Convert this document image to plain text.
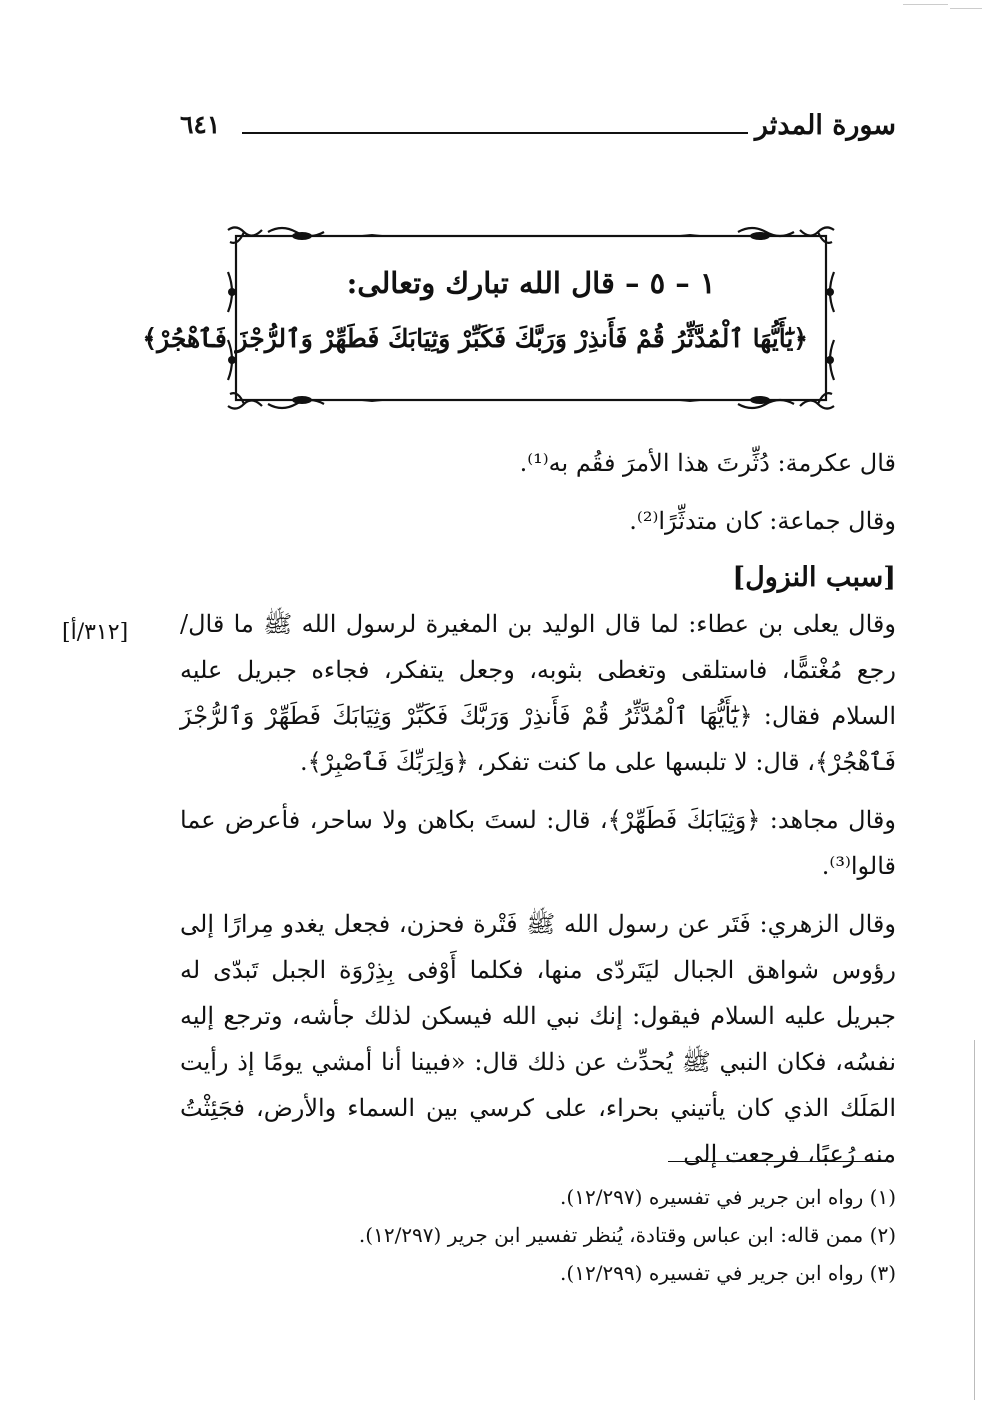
سورة المدثر
٦٤١
١ – ٥ – قال الله تبارك وتعالى:
﴿يَٰٓأَيُّهَا ٱلْمُدَّثِّرُ قُمْ فَأَنذِرْ وَرَبَّكَ فَكَبِّرْ وَثِيَابَكَ فَطَهِّرْ وَٱلرُّجْزَ فَٱهْجُرْ﴾
[٣١٢/أ]

قال عكرمة: دُثِّرتَ هذا الأمرَ فقُم به⁽¹⁾.

وقال جماعة: كان متدثِّرًا⁽²⁾.

[سبب النزول]

وقال يعلى بن عطاء: لما قال الوليد بن المغيرة لرسول الله ﷺ ما قال/ رجع مُغْتمًّا، فاستلقى وتغطى بثوبه، وجعل يتفكر، فجاءه جبريل عليه السلام فقال: ﴿يَٰٓأَيُّهَا ٱلْمُدَّثِّرُ قُمْ فَأَنذِرْ وَرَبَّكَ فَكَبِّرْ وَثِيَابَكَ فَطَهِّرْ وَٱلرُّجْزَ فَٱهْجُرْ﴾، قال: لا تلبسها على ما كنت تفكر، ﴿وَلِرَبِّكَ فَٱصْبِرْ﴾.

وقال مجاهد: ﴿وَثِيَابَكَ فَطَهِّرْ﴾، قال: لستَ بكاهن ولا ساحر، فأعرض عما قالوا⁽³⁾.

وقال الزهري: فَتَر عن رسول الله ﷺ فَتْرة فحزن، فجعل يغدو مِرارًا إلى رؤوس شواهق الجبال ليَتَردّى منها، فكلما أَوْفى بِذِرْوَة الجبل تَبدّى له جبريل عليه السلام فيقول: إنك نبي الله فيسكن لذلك جأشه، وترجع إليه نفسُه، فكان النبي ﷺ يُحدِّث عن ذلك قال: «فبينا أنا أمشي يومًا إذ رأيت المَلَك الذي كان يأتيني بحراء، على كرسي بين السماء والأرض، فجَئِثْتُ منه رُعبًا، فرجعت إلى

(١) رواه ابن جرير في تفسيره (١٢/٢٩٧).

(٢) ممن قاله: ابن عباس وقتادة، يُنظر تفسير ابن جرير (١٢/٢٩٧).

(٣) رواه ابن جرير في تفسيره (١٢/٢٩٩).
